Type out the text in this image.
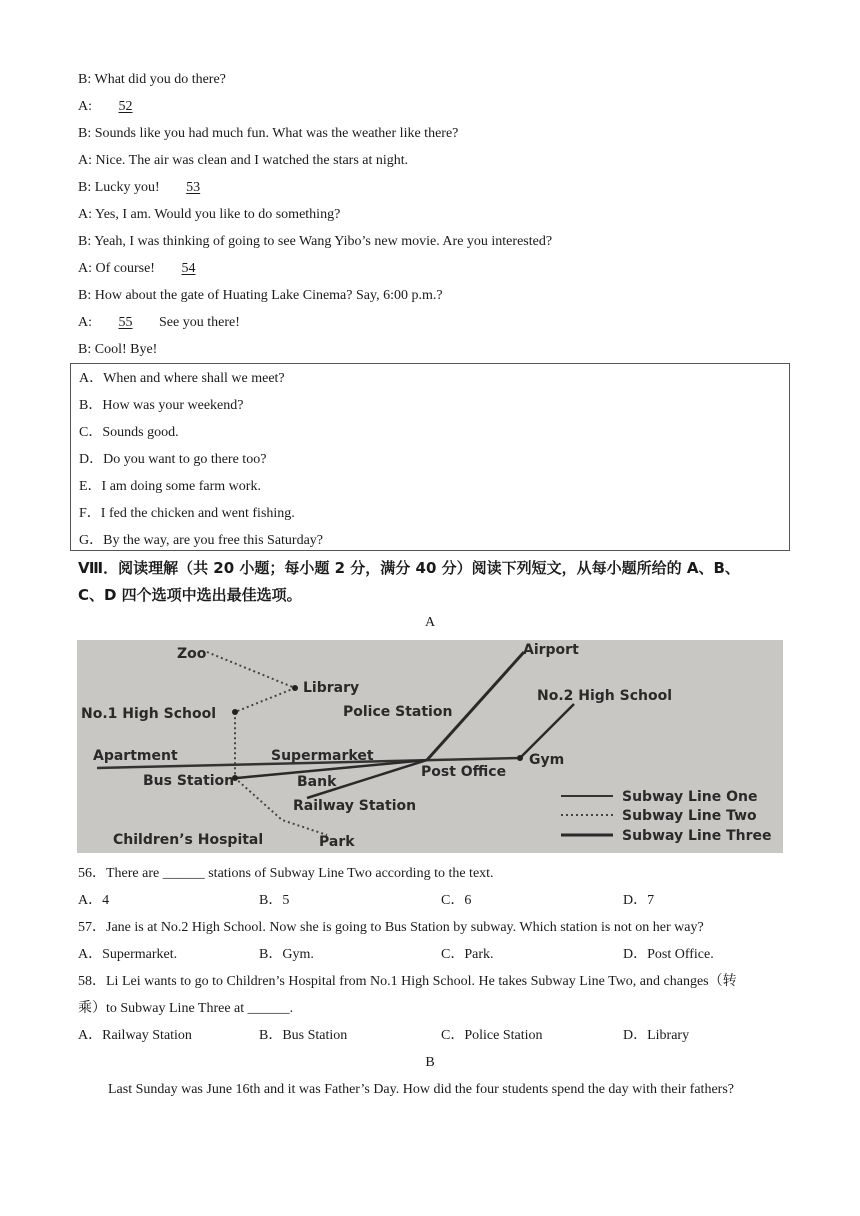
B: What did you do there?
A: 52
B: Sounds like you had much fun. What was the weather like there?
A: Nice. The air was clean and I watched the stars at night.
B: Lucky you! 53
A: Yes, I am. Would you like to do something?
B: Yeah, I was thinking of going to see Wang Yibo’s new movie. Are you interested?
A: Of course! 54
B: How about the gate of Huating Lake Cinema? Say, 6:00 p.m.?
A: 55 See you there!
B: Cool! Bye!
A．When and where shall we meet?
B．How was your weekend?
C．Sounds good.
D．Do you want to go there too?
E．I am doing some farm work.
F．I fed the chicken and went fishing.
G．By the way, are you free this Saturday?
Ⅷ．阅读理解（共 20 小题；每小题 2 分，满分 40 分）阅读下列短文，从每小题所给的 A、B、
C、D 四个选项中选出最佳选项。
A
Zoo
Library
No.1 High School	Police Station
Airport
No.2 High School
Apartment	Supermarket	Gym
Bus Station	Bank
Post Office
Railway Station
Children’s Hospital	Park
Subway Line One
Subway Line Two
Subway Line Three
56．There are ______ stations of Subway Line Two according to the text.
A．4	B．5	C．6	D．7
57．Jane is at No.2 High School. Now she is going to Bus Station by subway. Which station is not on her way?
A．Supermarket.	B．Gym.	C．Park.	D．Post Office.
58．Li Lei wants to go to Children’s Hospital from No.1 High School. He takes Subway Line Two, and changes（转
乘）to Subway Line Three at ______.
A．Railway Station	B．Bus Station	C．Police Station	D．Library
B
Last Sunday was June 16th and it was Father’s Day. How did the four students spend the day with their fathers?
